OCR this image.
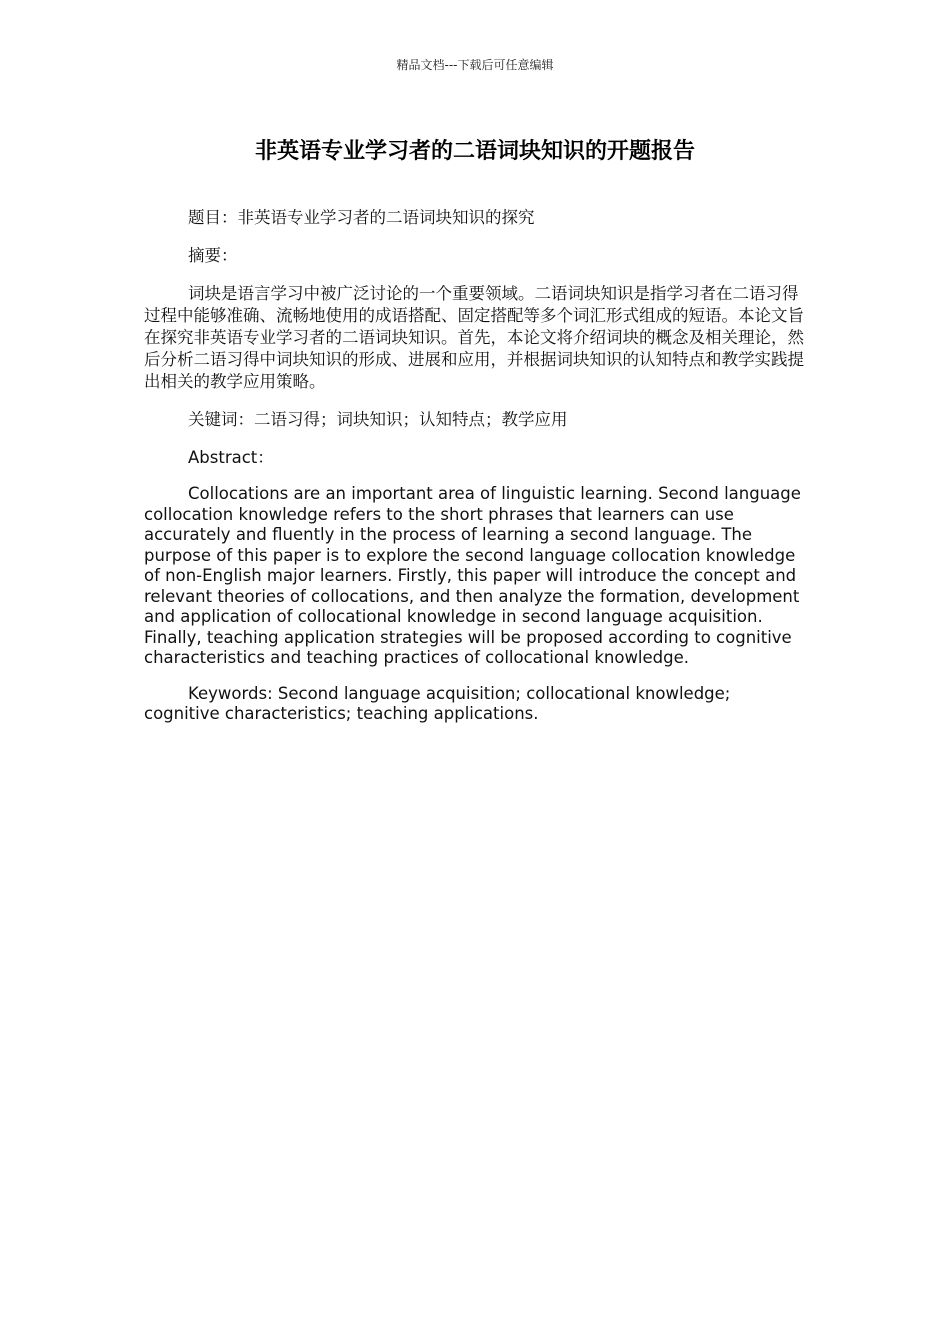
精品文档---下载后可任意编辑
非英语专业学习者的二语词块知识的开题报告

题目：非英语专业学习者的二语词块知识的探究

摘要：

词块是语言学习中被广泛讨论的一个重要领域。二语词块知识是指学习者在二语习得过程中能够准确、流畅地使用的成语搭配、固定搭配等多个词汇形式组成的短语。本论文旨在探究非英语专业学习者的二语词块知识。首先，本论文将介绍词块的概念及相关理论，然后分析二语习得中词块知识的形成、进展和应用，并根据词块知识的认知特点和教学实践提出相关的教学应用策略。

关键词：二语习得；词块知识；认知特点；教学应用

Abstract：

Collocations are an important area of linguistic learning. Second language collocation knowledge refers to the short phrases that learners can use accurately and fluently in the process of learning a second language. The purpose of this paper is to explore the second language collocation knowledge of non-English major learners. Firstly, this paper will introduce the concept and relevant theories of collocations, and then analyze the formation, development and application of collocational knowledge in second language acquisition. Finally, teaching application strategies will be proposed according to cognitive characteristics and teaching practices of collocational knowledge.

Keywords: Second language acquisition; collocational knowledge; cognitive characteristics; teaching applications.
